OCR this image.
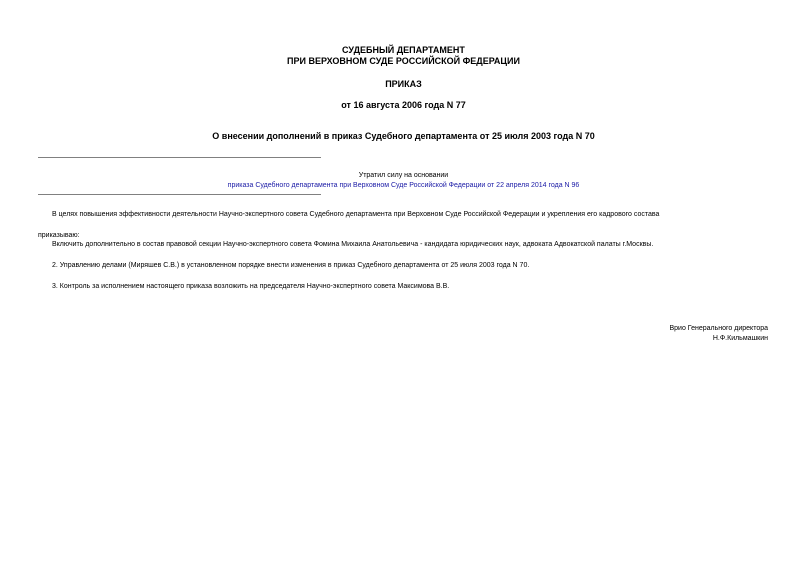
СУДЕБНЫЙ ДЕПАРТАМЕНТ
ПРИ ВЕРХОВНОМ СУДЕ РОССИЙСКОЙ ФЕДЕРАЦИИ
ПРИКАЗ
от 16 августа 2006 года N 77
О внесении дополнений в приказ Судебного департамента от 25 июля 2003 года N 70
Утратил силу на основании
приказа Судебного департамента при Верховном Суде Российской Федерации от 22 апреля 2014 года N 96
В целях повышения эффективности деятельности Научно-экспертного совета Судебного департамента при Верховном Суде Российской Федерации и укрепления его кадрового состава
приказываю:
Включить дополнительно в состав правовой секции Научно-экспертного совета Фомина Михаила Анатольевича - кандидата юридических наук, адвоката Адвокатской палаты г.Москвы.
2. Управлению делами (Миряшев С.В.) в установленном порядке внести изменения в приказ Судебного департамента от 25 июля 2003 года N 70.
3. Контроль за исполнением настоящего приказа возложить на председателя Научно-экспертного совета Максимова В.В.
Врио Генерального директора
Н.Ф.Кильмашкин
